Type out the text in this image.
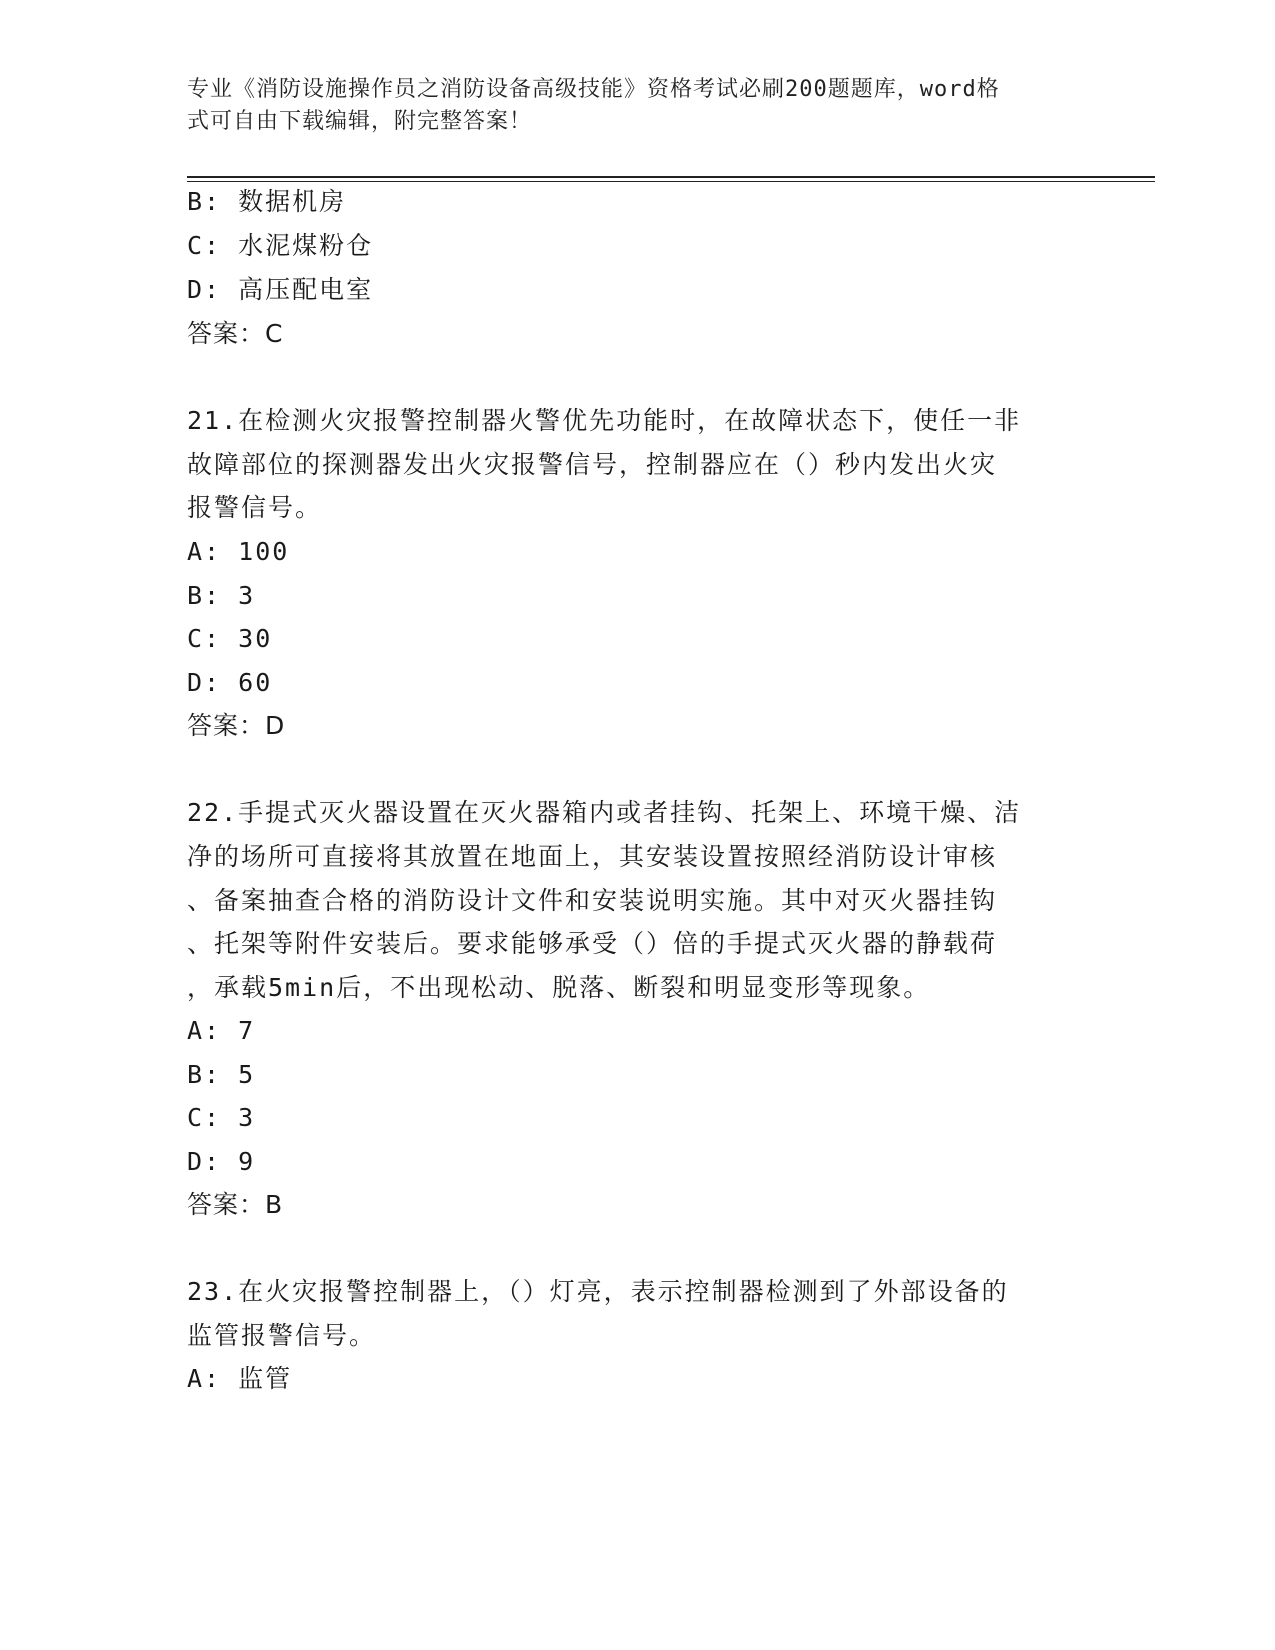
专业《消防设施操作员之消防设备高级技能》资格考试必刷200题题库，word格
式可自由下载编辑，附完整答案！
B: 数据机房
C: 水泥煤粉仓
D: 高压配电室
答案：C
21.在检测火灾报警控制器火警优先功能时，在故障状态下，使任一非
故障部位的探测器发出火灾报警信号，控制器应在（）秒内发出火灾
报警信号。
A: 100
B: 3
C: 30
D: 60
答案：D
22.手提式灭火器设置在灭火器箱内或者挂钩、托架上、环境干燥、洁
净的场所可直接将其放置在地面上，其安装设置按照经消防设计审核
、备案抽查合格的消防设计文件和安装说明实施。其中对灭火器挂钩
、托架等附件安装后。要求能够承受（）倍的手提式灭火器的静载荷
，承载5min后，不出现松动、脱落、断裂和明显变形等现象。
A: 7
B: 5
C: 3
D: 9
答案：B
23.在火灾报警控制器上，（）灯亮，表示控制器检测到了外部设备的
监管报警信号。
A: 监管
